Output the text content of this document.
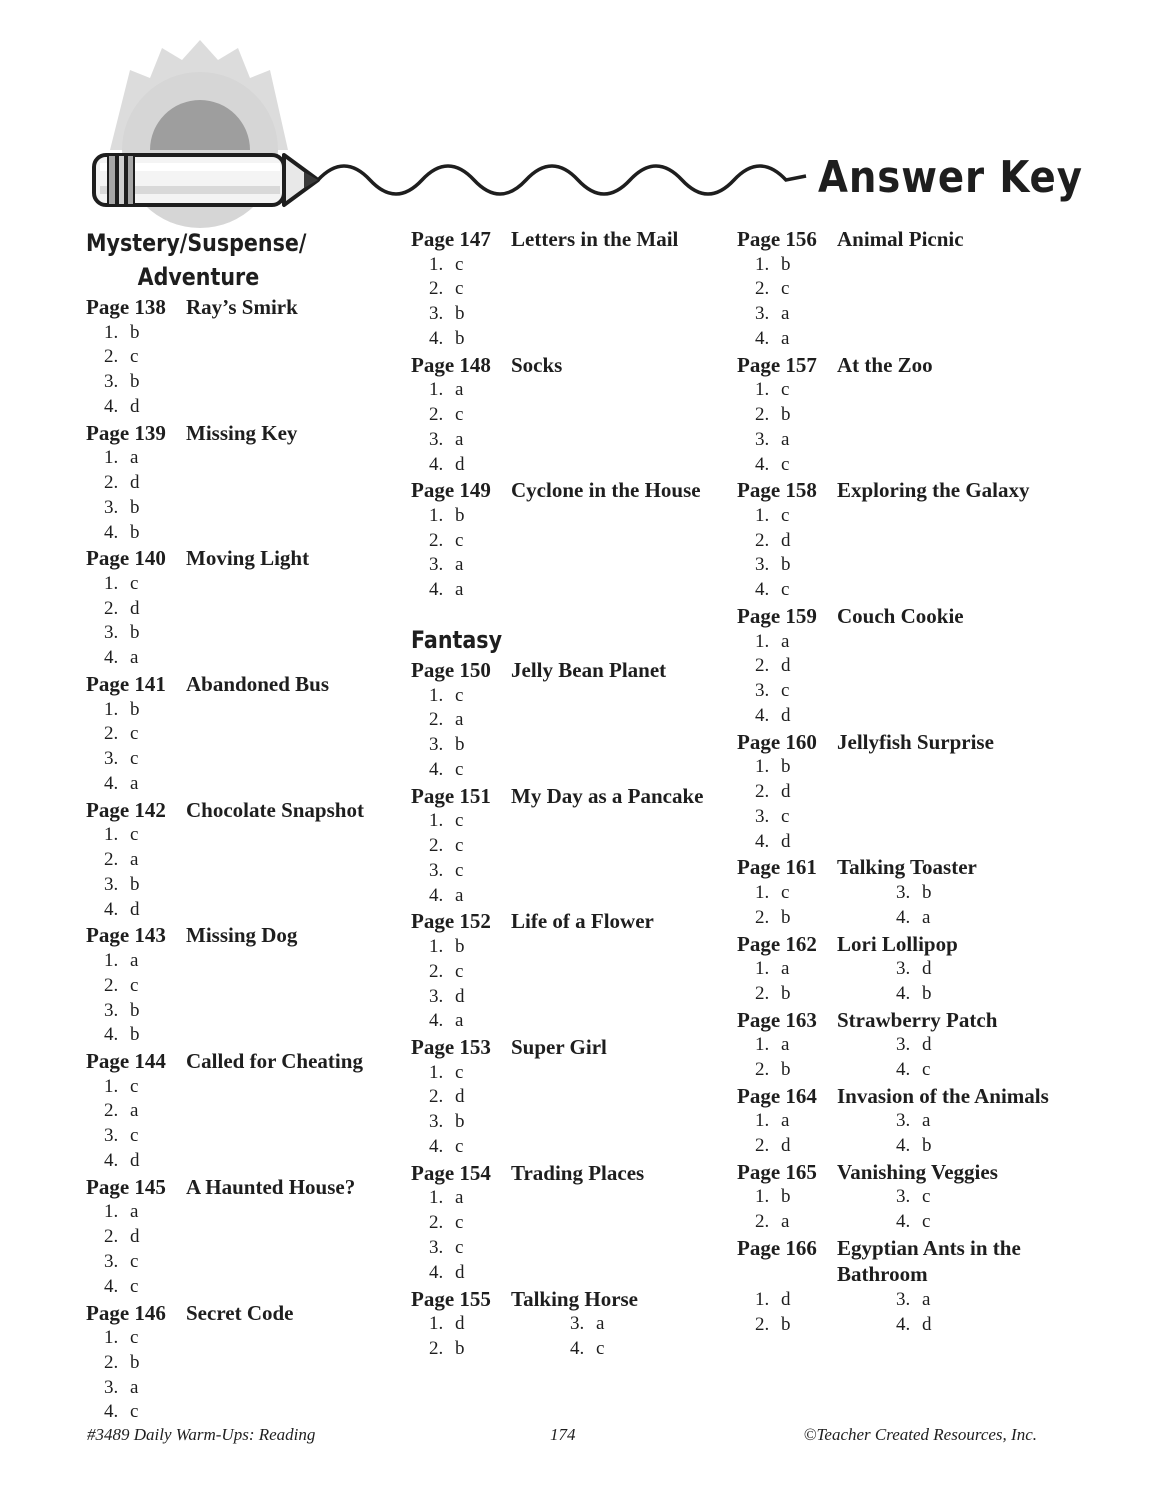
Answer Key
Mystery/Suspense/
Adventure
Page 138 Ray’s Smirk
1. b
2. c
3. b
4. d
Page 139 Missing Key
1. a
2. d
3. b
4. b
Page 140 Moving Light
1. c
2. d
3. b
4. a
Page 141 Abandoned Bus
1. b
2. c
3. c
4. a
Page 142 Chocolate Snapshot
1. c
2. a
3. b
4. d
Page 143 Missing Dog
1. a
2. c
3. b
4. b
Page 144 Called for Cheating
1. c
2. a
3. c
4. d
Page 145 A Haunted House?
1. a
2. d
3. c
4. c
Page 146 Secret Code
1. c
2. b
3. a
4. c
Page 147 Letters in the Mail
1. c
2. c
3. b
4. b
Page 148 Socks
1. a
2. c
3. a
4. d
Page 149 Cyclone in the House
1. b
2. c
3. a
4. a
Fantasy
Page 150 Jelly Bean Planet
1. c
2. a
3. b
4. c
Page 151 My Day as a Pancake
1. c
2. c
3. c
4. a
Page 152 Life of a Flower
1. b
2. c
3. d
4. a
Page 153 Super Girl
1. c
2. d
3. b
4. c
Page 154 Trading Places
1. a
2. c
3. c
4. d
Page 155 Talking Horse
1. d	3. a
2. b	4. c
Page 156 Animal Picnic
1. b
2. c
3. a
4. a
Page 157 At the Zoo
1. c
2. b
3. a
4. c
Page 158 Exploring the Galaxy
1. c
2. d
3. b
4. c
Page 159 Couch Cookie
1. a
2. d
3. c
4. d
Page 160 Jellyfish Surprise
1. b
2. d
3. c
4. d
Page 161 Talking Toaster
1. c	3. b
2. b	4. a
Page 162 Lori Lollipop
1. a	3. d
2. b	4. b
Page 163 Strawberry Patch
1. a	3. d
2. b	4. c
Page 164 Invasion of the Animals
1. a	3. a
2. d	4. b
Page 165 Vanishing Veggies
1. b	3. c
2. a	4. c
Page 166 Egyptian Ants in the Bathroom
1. d	3. a
2. b	4. d
#3489 Daily Warm-Ups: Reading	174	©Teacher Created Resources, Inc.
